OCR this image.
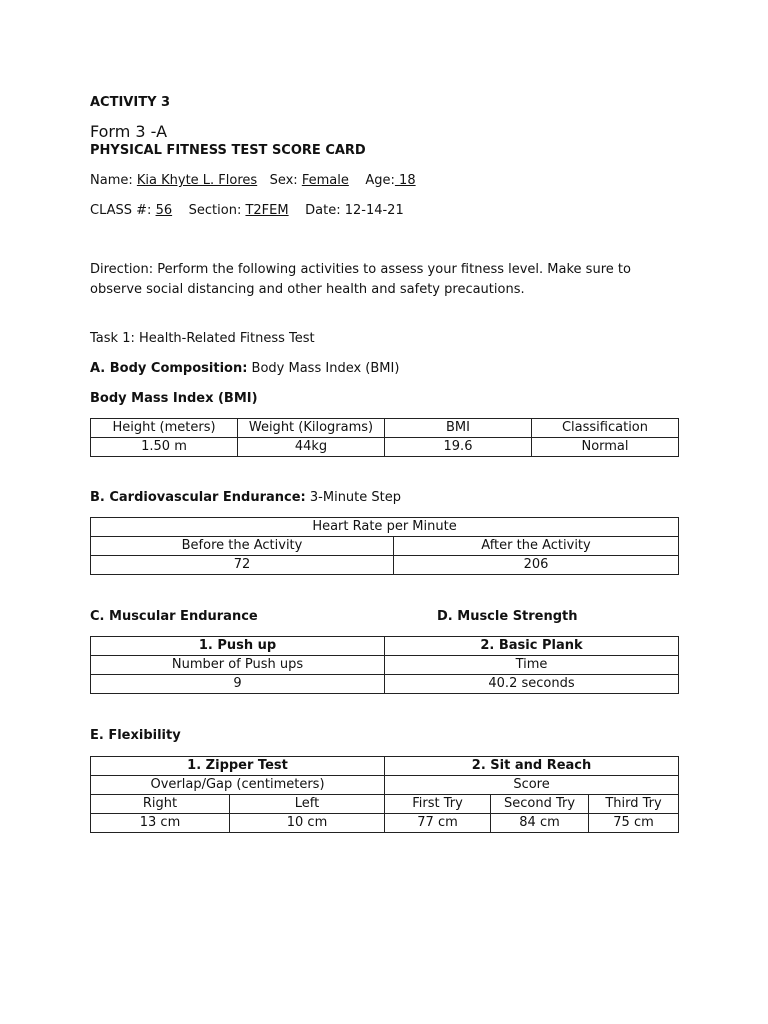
ACTIVITY 3
Form 3 -A
PHYSICAL FITNESS TEST SCORE CARD
Name: Kia Khyte L. Flores Sex: Female Age: 18
CLASS #: 56 Section: T2FEM Date: 12-14-21
Direction: Perform the following activities to assess your fitness level. Make sure to
observe social distancing and other health and safety precautions.
Task 1: Health-Related Fitness Test
A. Body Composition: Body Mass Index (BMI)
Body Mass Index (BMI)
Height (meters)	Weight (Kilograms)	BMI	Classification
1.50 m	44kg	19.6	Normal
B. Cardiovascular Endurance: 3-Minute Step
Heart Rate per Minute	
Before the Activity	After the Activity
72	206
C. Muscular Endurance	D. Muscle Strength
1. Push up	2. Basic Plank
Number of Push ups	Time
9	40.2 seconds
E. Flexibility
1. Zipper Test		2. Sit and Reach		
Overlap/Gap (centimeters)		Score		
Right	Left	First Try	Second Try	Third Try
13 cm	10 cm	77 cm	84 cm	75 cm
